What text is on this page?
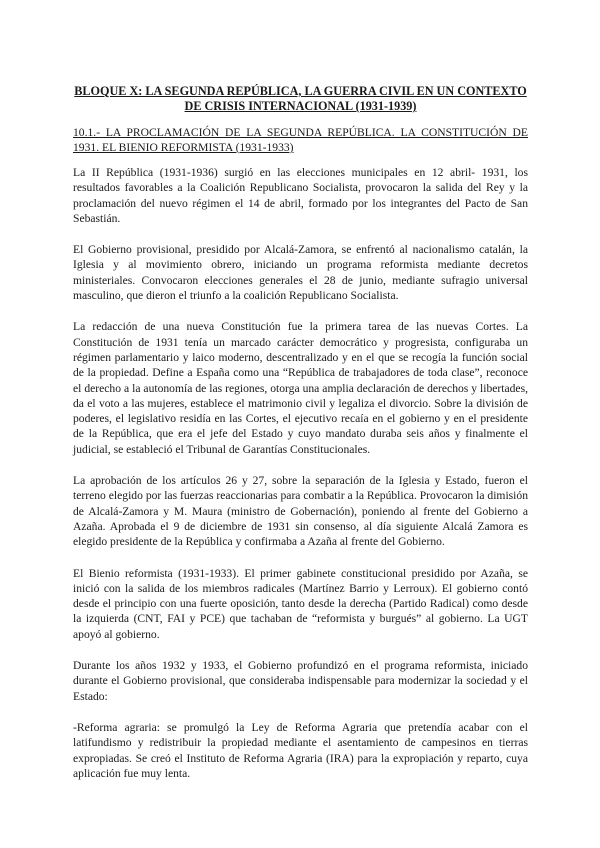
BLOQUE X: LA SEGUNDA REPÚBLICA, LA GUERRA CIVIL EN UN CONTEXTO DE CRISIS INTERNACIONAL (1931-1939)
10.1.- LA PROCLAMACIÓN DE LA SEGUNDA REPÚBLICA. LA CONSTITUCIÓN DE 1931. EL BIENIO REFORMISTA (1931-1933)

La II República (1931-1936) surgió en las elecciones municipales en 12 abril- 1931, los resultados favorables a la Coalición Republicano Socialista, provocaron la salida del Rey y la proclamación del nuevo régimen el 14 de abril, formado por los integrantes del Pacto de San Sebastián.

El Gobierno provisional, presidido por Alcalá-Zamora, se enfrentó al nacionalismo catalán, la Iglesia y al movimiento obrero, iniciando un programa reformista mediante decretos ministeriales. Convocaron elecciones generales el 28 de junio, mediante sufragio universal masculino, que dieron el triunfo a la coalición Republicano Socialista.

La redacción de una nueva Constitución fue la primera tarea de las nuevas Cortes. La Constitución de 1931 tenía un marcado carácter democrático y progresista, configuraba un régimen parlamentario y laico moderno, descentralizado y en el que se recogía la función social de la propiedad. Define a España como una “República de trabajadores de toda clase”, reconoce el derecho a la autonomía de las regiones, otorga una amplia declaración de derechos y libertades, da el voto a las mujeres, establece el matrimonio civil y legaliza el divorcio. Sobre la división de poderes, el legislativo residía en las Cortes, el ejecutivo recaía en el gobierno y en el presidente de la República, que era el jefe del Estado y cuyo mandato duraba seis años y finalmente el judicial, se estableció el Tribunal de Garantías Constitucionales.

La aprobación de los artículos 26 y 27, sobre la separación de la Iglesia y Estado, fueron el terreno elegido por las fuerzas reaccionarias para combatir a la República. Provocaron la dimisión de Alcalá-Zamora y M. Maura (ministro de Gobernación), poniendo al frente del Gobierno a Azaña. Aprobada el 9 de diciembre de 1931 sin consenso, al día siguiente Alcalá Zamora es elegido presidente de la República y confirmaba a Azaña al frente del Gobierno.

El Bienio reformista (1931-1933). El primer gabinete constitucional presidido por Azaña, se inició con la salida de los miembros radicales (Martínez Barrio y Lerroux). El gobierno contó desde el principio con una fuerte oposición, tanto desde la derecha (Partido Radical) como desde la izquierda (CNT, FAI y PCE) que tachaban de “reformista y burgués” al gobierno. La UGT apoyó al gobierno.

Durante los años 1932 y 1933, el Gobierno profundizó en el programa reformista, iniciado durante el Gobierno provisional, que consideraba indispensable para modernizar la sociedad y el Estado:

-Reforma agraria: se promulgó la Ley de Reforma Agraria que pretendía acabar con el latifundismo y redistribuir la propiedad mediante el asentamiento de campesinos en tierras expropiadas. Se creó el Instituto de Reforma Agraria (IRA) para la expropiación y reparto, cuya aplicación fue muy lenta.
